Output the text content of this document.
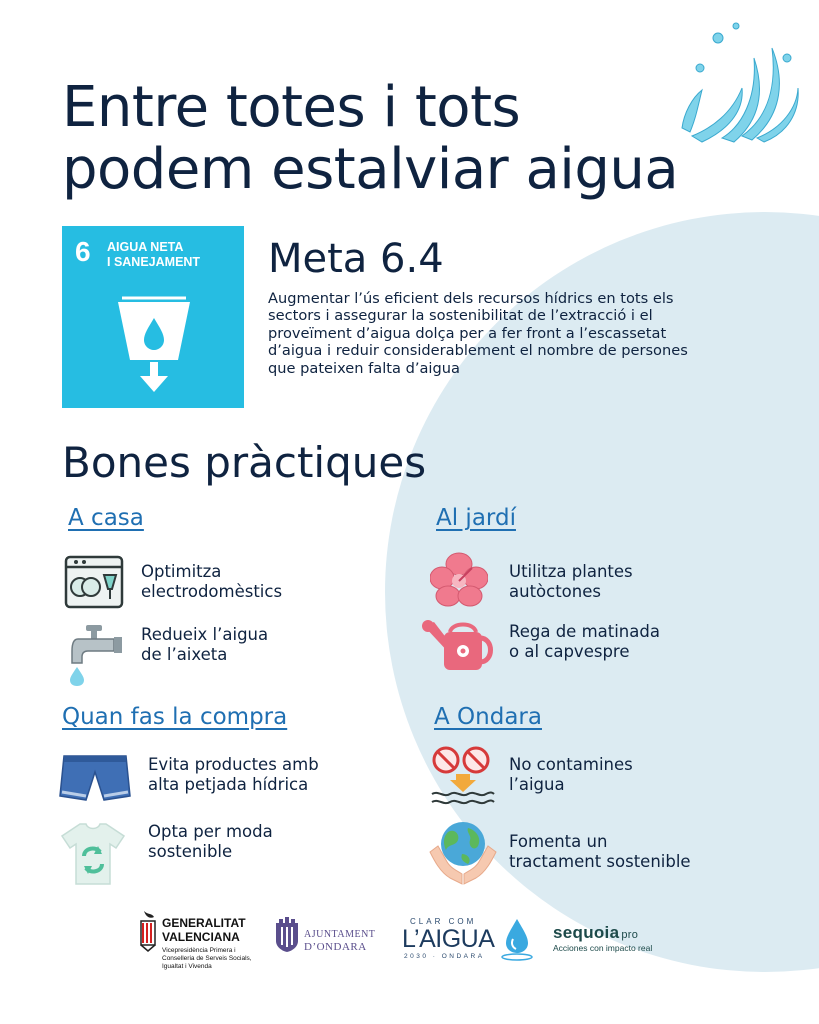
Entre totes i tots
podem estalviar aigua
6 AIGUA NETA
I SANEJAMENT	Meta 6.4
Augmentar l’ús eficient dels recursos hídrics en tots els sectors i assegurar la sostenibilitat de l’extracció i el proveïment d’aigua dolça per a fer front a l’escassetat d’aigua i reduir considerablement el nombre de persones que pateixen falta d’aigua
Bones pràctiques
A casa
Optimitza
electrodomèstics
Redueix l’aigua
de l’aixeta
Al jardí
Utilitza plantes
autòctones
Rega de matinada
o al capvespre
Quan fas la compra
Evita productes amb
alta petjada hídrica
Opta per moda
sostenible
A Ondara
No contamines
l’aigua
Fomenta un
tractament sostenible
GENERALITAT
VALENCIANA
Vicepresidència Primera i
Conselleria de Serveis Socials,
Igualtat i Vivenda
AJUNTAMENT
D’ONDARA
CLAR COM
L’AIGUA
2030 · ONDARA
sequoia pro
Acciones con impacto real
